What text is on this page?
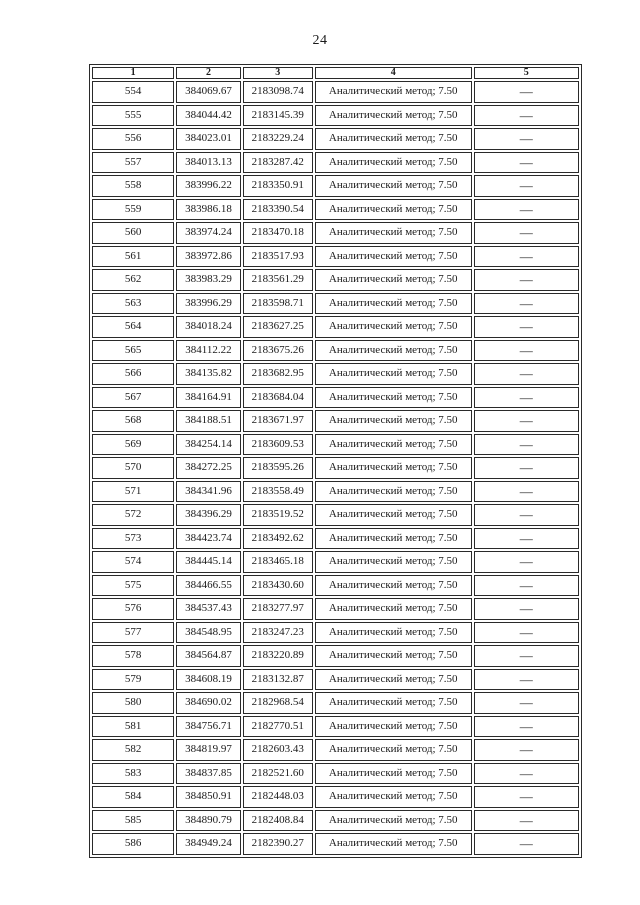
24
1	2	3	4	5
554	384069.67	2183098.74	Аналитический метод; 7.50	—
555	384044.42	2183145.39	Аналитический метод; 7.50	—
556	384023.01	2183229.24	Аналитический метод; 7.50	—
557	384013.13	2183287.42	Аналитический метод; 7.50	—
558	383996.22	2183350.91	Аналитический метод; 7.50	—
559	383986.18	2183390.54	Аналитический метод; 7.50	—
560	383974.24	2183470.18	Аналитический метод; 7.50	—
561	383972.86	2183517.93	Аналитический метод; 7.50	—
562	383983.29	2183561.29	Аналитический метод; 7.50	—
563	383996.29	2183598.71	Аналитический метод; 7.50	—
564	384018.24	2183627.25	Аналитический метод; 7.50	—
565	384112.22	2183675.26	Аналитический метод; 7.50	—
566	384135.82	2183682.95	Аналитический метод; 7.50	—
567	384164.91	2183684.04	Аналитический метод; 7.50	—
568	384188.51	2183671.97	Аналитический метод; 7.50	—
569	384254.14	2183609.53	Аналитический метод; 7.50	—
570	384272.25	2183595.26	Аналитический метод; 7.50	—
571	384341.96	2183558.49	Аналитический метод; 7.50	—
572	384396.29	2183519.52	Аналитический метод; 7.50	—
573	384423.74	2183492.62	Аналитический метод; 7.50	—
574	384445.14	2183465.18	Аналитический метод; 7.50	—
575	384466.55	2183430.60	Аналитический метод; 7.50	—
576	384537.43	2183277.97	Аналитический метод; 7.50	—
577	384548.95	2183247.23	Аналитический метод; 7.50	—
578	384564.87	2183220.89	Аналитический метод; 7.50	—
579	384608.19	2183132.87	Аналитический метод; 7.50	—
580	384690.02	2182968.54	Аналитический метод; 7.50	—
581	384756.71	2182770.51	Аналитический метод; 7.50	—
582	384819.97	2182603.43	Аналитический метод; 7.50	—
583	384837.85	2182521.60	Аналитический метод; 7.50	—
584	384850.91	2182448.03	Аналитический метод; 7.50	—
585	384890.79	2182408.84	Аналитический метод; 7.50	—
586	384949.24	2182390.27	Аналитический метод; 7.50	—
